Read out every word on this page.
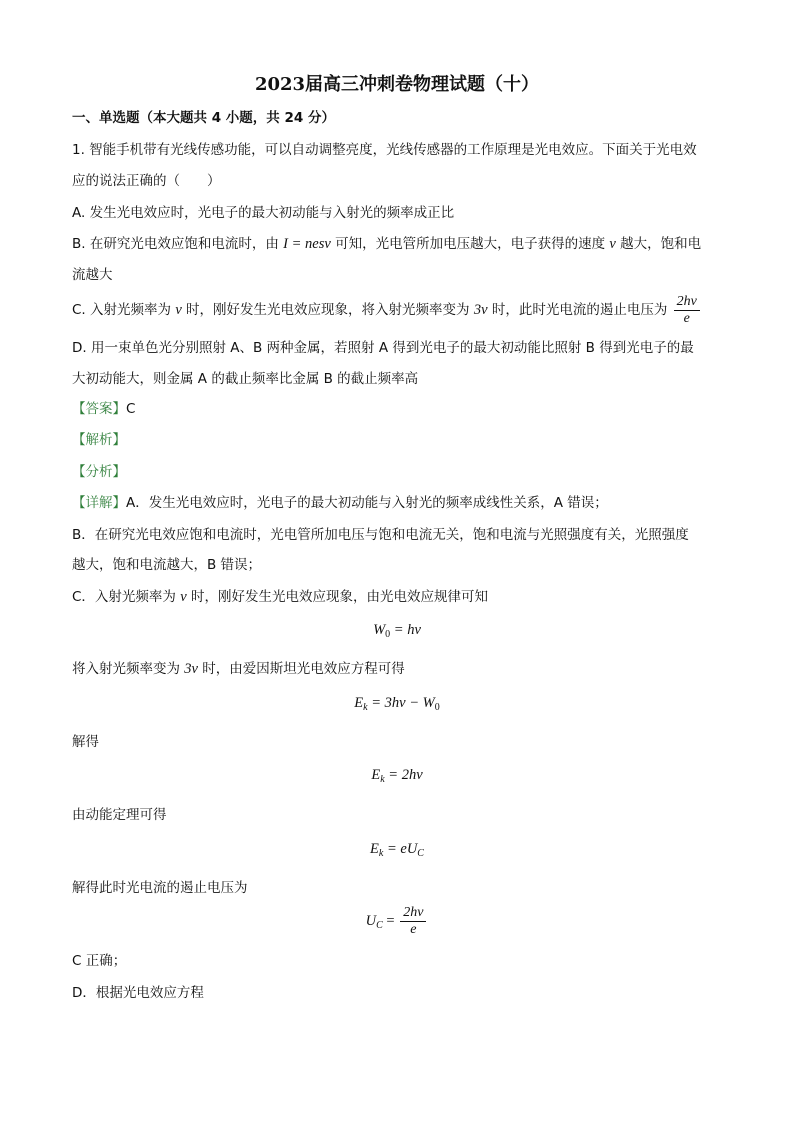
2023届高三冲刺卷物理试题（十）
一、单选题（本大题共 4 小题，共 24 分）
1. 智能手机带有光线传感功能，可以自动调整亮度，光线传感器的工作原理是光电效应。下面关于光电效
应的说法正确的（　　）
A. 发生光电效应时，光电子的最大初动能与入射光的频率成正比
B. 在研究光电效应饱和电流时，由 I = nesv 可知，光电管所加电压越大，电子获得的速度 v 越大，饱和电
流越大
C. 入射光频率为 ν 时，刚好发生光电效应现象，将入射光频率变为 3ν 时，此时光电流的遏止电压为 $\frac{2h\nu}{e}$
D. 用一束单色光分别照射 A、B 两种金属，若照射 A 得到光电子的最大初动能比照射 B 得到光电子的最
大初动能大，则金属 A 的截止频率比金属 B 的截止频率高
【答案】C
【解析】
【分析】
【详解】A．发生光电效应时，光电子的最大初动能与入射光的频率成线性关系，A 错误；
B．在研究光电效应饱和电流时，光电管所加电压与饱和电流无关，饱和电流与光照强度有关，光照强度
越大，饱和电流越大，B 错误；
C．入射光频率为 ν 时，刚好发生光电效应现象，由光电效应规律可知
$W_0 = h\nu$
将入射光频率变为 3ν 时，由爱因斯坦光电效应方程可得
$E_k = 3h\nu - W_0$
解得
$E_k = 2h\nu$
由动能定理可得
$E_k = eU_C$
解得此时光电流的遏止电压为
$U_C = \frac{2h\nu}{e}$
C 正确；
D．根据光电效应方程
